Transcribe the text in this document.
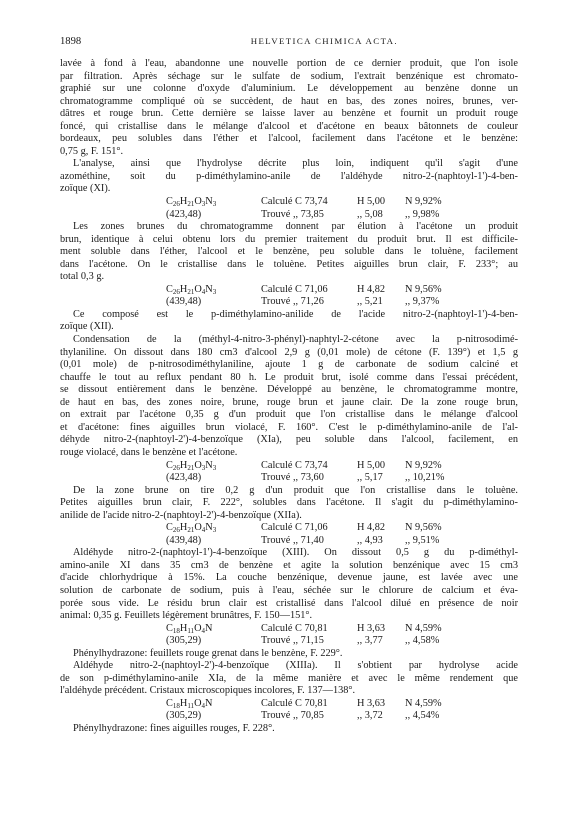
1898	HELVETICA CHIMICA ACTA.
lavée à fond à l'eau, abandonne une nouvelle portion de ce dernier produit, que l'on isole
par filtration. Après séchage sur le sulfate de sodium, l'extrait benzénique est chromato-
graphié sur une colonne d'oxyde d'aluminium. Le développement au benzène donne un
chromatogramme compliqué où se succèdent, de haut en bas, des zones noires, brunes, ver-
dâtres et rouge brun. Cette dernière se laisse laver au benzène et fournit un produit rouge
foncé, qui cristallise dans le mélange d'alcool et d'acétone en beaux bâtonnets de couleur
bordeaux, peu solubles dans l'éther et l'alcool, facilement dans l'acétone et le benzène:
0,75 g, F. 151°.
L'analyse, ainsi que l'hydrolyse décrite plus loin, indiquent qu'il s'agit d'une
azométhine, soit du p-diméthylamino-anile de l'aldéhyde nitro-2-(naphtoyl-1')-4-ben-
zoïque (XI).
$C_{26}H_{21}O_3N_3$	Calculé C 73,74	H 5,00	N 9,92%
(423,48)	Trouvé ,, 73,85	,, 5,08	,, 9,98%
Les zones brunes du chromatogramme donnent par élution à l'acétone un produit
brun, identique à celui obtenu lors du premier traitement du produit brut. Il est difficile-
ment soluble dans l'éther, l'alcool et le benzène, peu soluble dans le toluène, facilement
dans l'acétone. On le cristallise dans le toluène. Petites aiguilles brun clair, F. 233°; au
total 0,3 g.
$C_{26}H_{21}O_4N_3$	Calculé C 71,06	H 4,82	N 9,56%
(439,48)	Trouvé ,, 71,26	,, 5,21	,, 9,37%
Ce composé est le p-diméthylamino-anilide de l'acide nitro-2-(naphtoyl-1')-4-ben-
zoïque (XII).
Condensation de la (méthyl-4-nitro-3-phényl)-naphtyl-2-cétone avec la p-nitrosodimé-
thylaniline. On dissout dans 180 cm3 d'alcool 2,9 g (0,01 mole) de cétone (F. 139°) et 1,5 g
(0,01 mole) de p-nitrosodiméthylaniline, ajoute 1 g de carbonate de sodium calciné et
chauffe le tout au reflux pendant 80 h. Le produit brut, isolé comme dans l'essai précédent,
se dissout entièrement dans le benzène. Développé au benzène, le chromatogramme montre,
de haut en bas, des zones noire, brune, rouge brun et jaune clair. De la zone rouge brun,
on extrait par l'acétone 0,35 g d'un produit que l'on cristallise dans le mélange d'alcool
et d'acétone: fines aiguilles brun violacé, F. 160°. C'est le p-diméthylamino-anile de l'al-
déhyde nitro-2-(naphtoyl-2')-4-benzoïque (XIa), peu soluble dans l'alcool, facilement, en
rouge violacé, dans le benzène et l'acétone.
$C_{26}H_{21}O_3N_3$	Calculé C 73,74	H 5,00	N 9,92%
(423,48)	Trouvé ,, 73,60	,, 5,17	,, 10,21%
De la zone brune on tire 0,2 g d'un produit que l'on cristallise dans le toluène.
Petites aiguilles brun clair, F. 222°, solubles dans l'acétone. Il s'agit du p-diméthylamino-
anilide de l'acide nitro-2-(naphtoyl-2')-4-benzoïque (XIIa).
$C_{26}H_{21}O_4N_3$	Calculé C 71,06	H 4,82	N 9,56%
(439,48)	Trouvé ,, 71,40	,, 4,93	,, 9,51%
Aldéhyde nitro-2-(naphtoyl-1')-4-benzoïque (XIII). On dissout 0,5 g du p-diméthyl-
amino-anile XI dans 35 cm3 de benzène et agite la solution benzénique avec 15 cm3
d'acide chlorhydrique à 15%. La couche benzénique, devenue jaune, est lavée avec une
solution de carbonate de sodium, puis à l'eau, séchée sur le chlorure de calcium et éva-
porée sous vide. Le résidu brun clair est cristallisé dans l'alcool dilué en présence de noir
animal: 0,35 g. Feuillets légèrement brunâtres, F. 150—151°.
$C_{18}H_{11}O_4N$	Calculé C 70,81	H 3,63	N 4,59%
(305,29)	Trouvé ,, 71,15	,, 3,77	,, 4,58%
Phénylhydrazone: feuillets rouge grenat dans le benzène, F. 229°.
Aldéhyde nitro-2-(naphtoyl-2')-4-benzoïque (XIIIa). Il s'obtient par hydrolyse acide
de son p-diméthylamino-anile XIa, de la même manière et avec le même rendement que
l'aldéhyde précédent. Cristaux microscopiques incolores, F. 137—138°.
$C_{18}H_{11}O_4N$	Calculé C 70,81	H 3,63	N 4,59%
(305,29)	Trouvé ,, 70,85	,, 3,72	,, 4,54%
Phénylhydrazone: fines aiguilles rouges, F. 228°.
